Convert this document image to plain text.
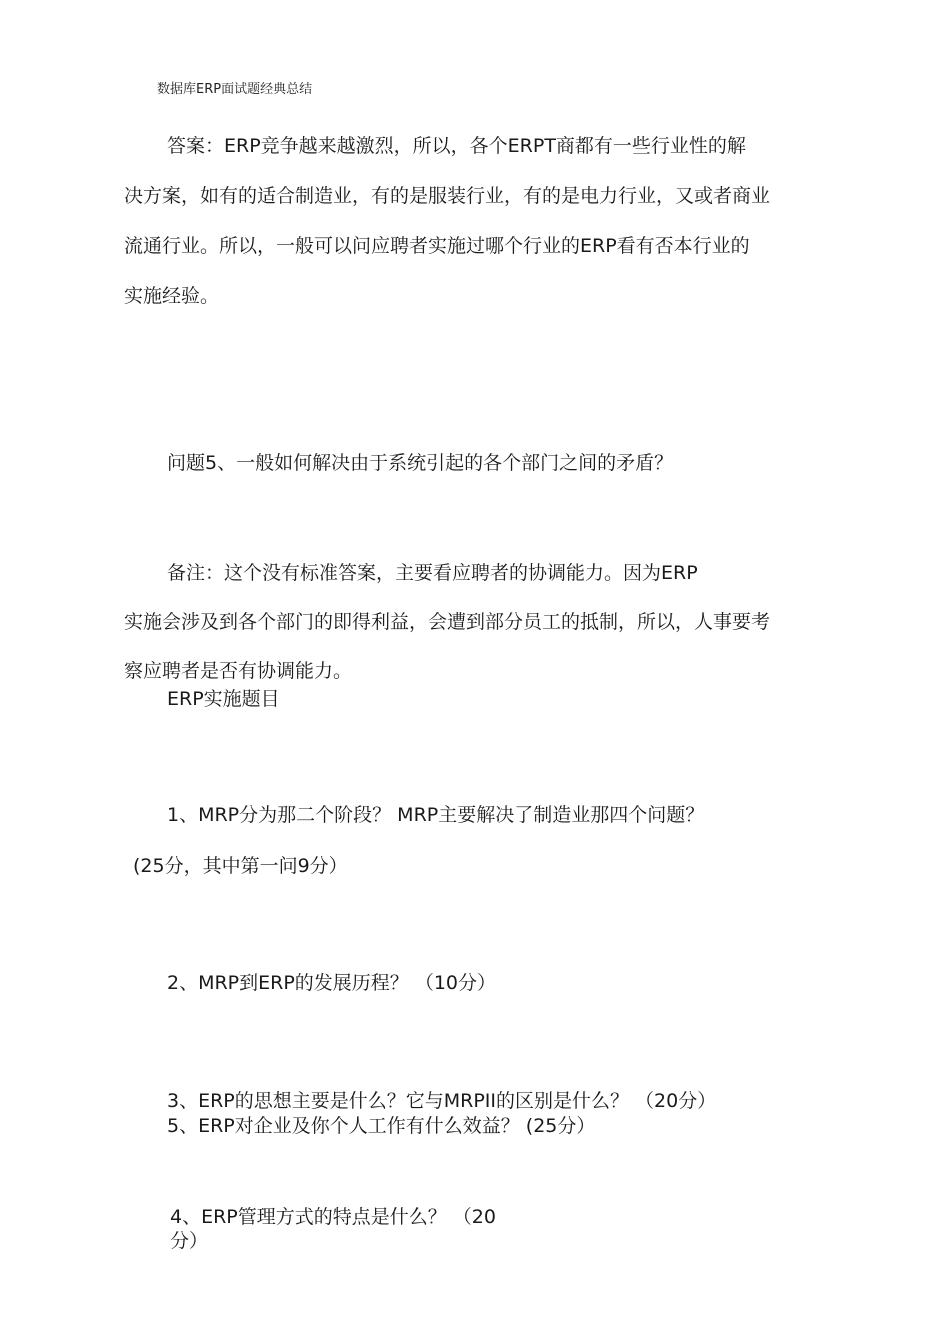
数据库ERP面试题经典总结
答案：ERP竞争越来越激烈，所以，各个ERPT商都有一些行业性的解
决方案，如有的适合制造业，有的是服装行业，有的是电力行业，又或者商业
流通行业。所以，一般可以问应聘者实施过哪个行业的ERP看有否本行业的
实施经验。
问题5、一般如何解决由于系统引起的各个部门之间的矛盾？
备注：这个没有标准答案，主要看应聘者的协调能力。因为ERP
实施会涉及到各个部门的即得利益，会遭到部分员工的抵制，所以，人事要考
察应聘者是否有协调能力。
ERP实施题目
1、MRP分为那二个阶段？ MRP主要解决了制造业那四个问题？
(25分，其中第一问9分）
2、MRP到ERP的发展历程？ （10分）
3、ERP的思想主要是什么？它与MRPII的区别是什么？ （20分）
5、ERP对企业及你个人工作有什么效益？ (25分）
4、ERP管理方式的特点是什么？ （20
分）
